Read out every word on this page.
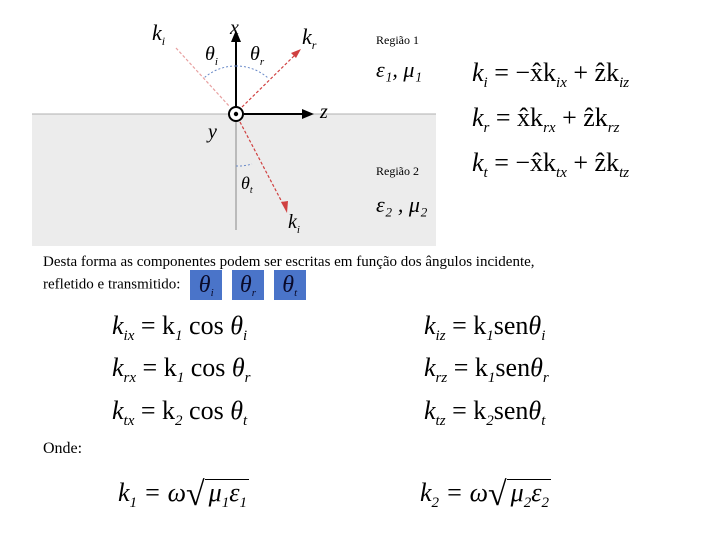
$k_i$
x	$k_r$
$\theta_i$ $\theta_r$
z
y
$\theta_t$
$k_i$
Região 1
ε₁, μ₁
Região 2
ε₂ , μ₂
$k_i$ = $-x̂k_{ix}$ + ẑk$_{iz}$
$k_r$ = $x̂k_{rx}$ + ẑk$_{rz}$
$k_t$ = $-x̂k_{tx}$ + ẑk$_{tz}$
Desta forma as componentes podem ser escritas em função dos ângulos incidente,
refletido e transmitido: $\theta_i$ $\theta_r$ $\theta_t$
$k_{ix} = k_1$ $\cos \theta_i$
$k_{rx} = k_1$ $\cos \theta_r$
$k_{tx} = k_2$ $\cos \theta_t$
$k_{iz} = k_1sen\theta_i$
$k_{rz} = k_1sen\theta_r$
$k_{tz} = k_2sen\theta_t$
Onde:
$k_1 = \omega√$ $\mu_1\varepsilon_1$	$k_2 = \omega√$ $\mu_2\varepsilon_2$
